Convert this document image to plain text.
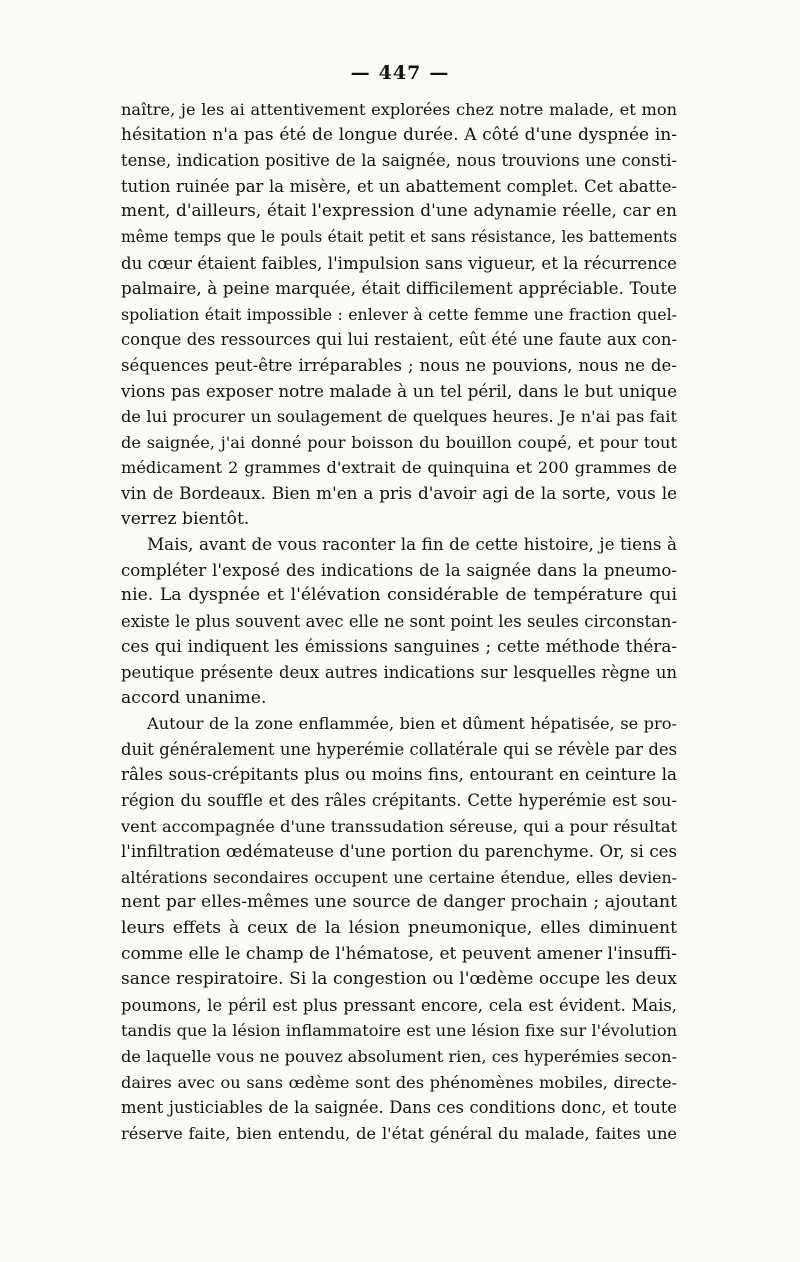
— 447 —
naître, je les ai attentivement explorées chez notre malade, et mon
hésitation n'a pas été de longue durée. A côté d'une dyspnée in-
tense, indication positive de la saignée, nous trouvions une consti-
tution ruinée par la misère, et un abattement complet. Cet abatte-
ment, d'ailleurs, était l'expression d'une adynamie réelle, car en
même temps que le pouls était petit et sans résistance, les battements
du cœur étaient faibles, l'impulsion sans vigueur, et la récurrence
palmaire, à peine marquée, était difficilement appréciable. Toute
spoliation était impossible : enlever à cette femme une fraction quel-
conque des ressources qui lui restaient, eût été une faute aux con-
séquences peut-être irréparables ; nous ne pouvions, nous ne de-
vions pas exposer notre malade à un tel péril, dans le but unique
de lui procurer un soulagement de quelques heures. Je n'ai pas fait
de saignée, j'ai donné pour boisson du bouillon coupé, et pour tout
médicament 2 grammes d'extrait de quinquina et 200 grammes de
vin de Bordeaux. Bien m'en a pris d'avoir agi de la sorte, vous le
verrez bientôt.
Mais, avant de vous raconter la fin de cette histoire, je tiens à
compléter l'exposé des indications de la saignée dans la pneumo-
nie. La dyspnée et l'élévation considérable de température qui
existe le plus souvent avec elle ne sont point les seules circonstan-
ces qui indiquent les émissions sanguines ; cette méthode théra-
peutique présente deux autres indications sur lesquelles règne un
accord unanime.
Autour de la zone enflammée, bien et dûment hépatisée, se pro-
duit généralement une hyperémie collatérale qui se révèle par des
râles sous-crépitants plus ou moins fins, entourant en ceinture la
région du souffle et des râles crépitants. Cette hyperémie est sou-
vent accompagnée d'une transsudation séreuse, qui a pour résultat
l'infiltration œdémateuse d'une portion du parenchyme. Or, si ces
altérations secondaires occupent une certaine étendue, elles devien-
nent par elles-mêmes une source de danger prochain ; ajoutant
leurs effets à ceux de la lésion pneumonique, elles diminuent
comme elle le champ de l'hématose, et peuvent amener l'insuffi-
sance respiratoire. Si la congestion ou l'œdème occupe les deux
poumons, le péril est plus pressant encore, cela est évident. Mais,
tandis que la lésion inflammatoire est une lésion fixe sur l'évolution
de laquelle vous ne pouvez absolument rien, ces hyperémies secon-
daires avec ou sans œdème sont des phénomènes mobiles, directe-
ment justiciables de la saignée. Dans ces conditions donc, et toute
réserve faite, bien entendu, de l'état général du malade, faites une
